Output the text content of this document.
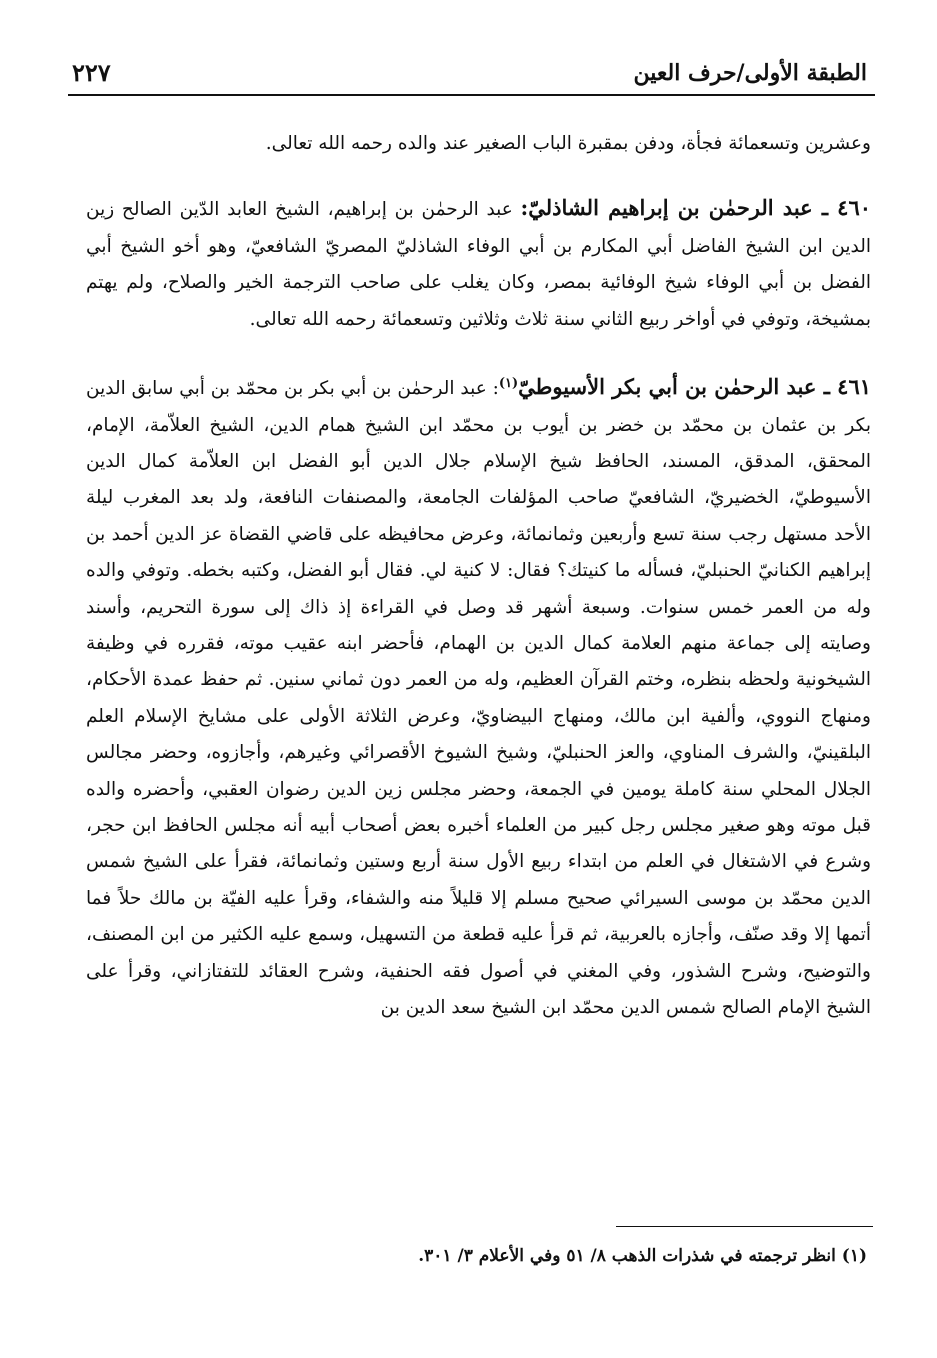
الطبقة الأولى/حرف العين
٢٢٧

وعشرين وتسعمائة فجأة، ودفن بمقبرة الباب الصغير عند والده رحمه الله تعالى.

٤٦٠ ـ عبد الرحمٰن بن إبراهيم الشاذليّ: عبد الرحمٰن بن إبراهيم، الشيخ العابد الدّين الصالح زين الدين ابن الشيخ الفاضل أبي المكارم بن أبي الوفاء الشاذليّ المصريّ الشافعيّ، وهو أخو الشيخ أبي الفضل بن أبي الوفاء شيخ الوفائية بمصر، وكان يغلب على صاحب الترجمة الخير والصلاح، ولم يهتم بمشيخة، وتوفي في أواخر ربيع الثاني سنة ثلاث وثلاثين وتسعمائة رحمه الله تعالى.

٤٦١ ـ عبد الرحمٰن بن أبي بكر الأسيوطيّ$^{(١)}$: عبد الرحمٰن بن أبي بكر بن محمّد بن أبي سابق الدين بكر بن عثمان بن محمّد بن خضر بن أيوب بن محمّد ابن الشيخ همام الدين، الشيخ العلاّمة، الإمام، المحقق، المدقق، المسند، الحافظ شيخ الإسلام جلال الدين أبو الفضل ابن العلاّمة كمال الدين الأسيوطيّ، الخضيريّ، الشافعيّ صاحب المؤلفات الجامعة، والمصنفات النافعة، ولد بعد المغرب ليلة الأحد مستهل رجب سنة تسع وأربعين وثمانمائة، وعرض محافيظه على قاضي القضاة عز الدين أحمد بن إبراهيم الكنانيّ الحنبليّ، فسأله ما كنيتك؟ فقال: لا كنية لي. فقال أبو الفضل، وكتبه بخطه. وتوفي والده وله من العمر خمس سنوات. وسبعة أشهر قد وصل في القراءة إذ ذاك إلى سورة التحريم، وأسند وصايته إلى جماعة منهم العلامة كمال الدين بن الهمام، فأحضر ابنه عقيب موته، فقرره في وظيفة الشيخونية ولحظه بنظره، وختم القرآن العظيم، وله من العمر دون ثماني سنين. ثم حفظ عمدة الأحكام، ومنهاج النووي، وألفية ابن مالك، ومنهاج البيضاويّ، وعرض الثلاثة الأولى على مشايخ الإسلام العلم البلقينيّ، والشرف المناوي، والعز الحنبليّ، وشيخ الشيوخ الأقصرائي وغيرهم، وأجازوه، وحضر مجالس الجلال المحلي سنة كاملة يومين في الجمعة، وحضر مجلس زين الدين رضوان العقبي، وأحضره والده قبل موته وهو صغير مجلس رجل كبير من العلماء أخبره بعض أصحاب أبيه أنه مجلس الحافظ ابن حجر، وشرع في الاشتغال في العلم من ابتداء ربيع الأول سنة أربع وستين وثمانمائة، فقرأ على الشيخ شمس الدين محمّد بن موسى السيرائي صحيح مسلم إلا قليلاً منه والشفاء، وقرأ عليه الفيّة بن مالك حلاً فما أتمها إلا وقد صنّف، وأجازه بالعربية، ثم قرأ عليه قطعة من التسهيل، وسمع عليه الكثير من ابن المصنف، والتوضيح، وشرح الشذور، وفي المغني في أصول فقه الحنفية، وشرح العقائد للتفتازاني، وقرأ على الشيخ الإمام الصالح شمس الدين محمّد ابن الشيخ سعد الدين بن

(١) انظر ترجمته في شذرات الذهب ٨/ ٥١ وفي الأعلام ٣/ ٣٠١.
